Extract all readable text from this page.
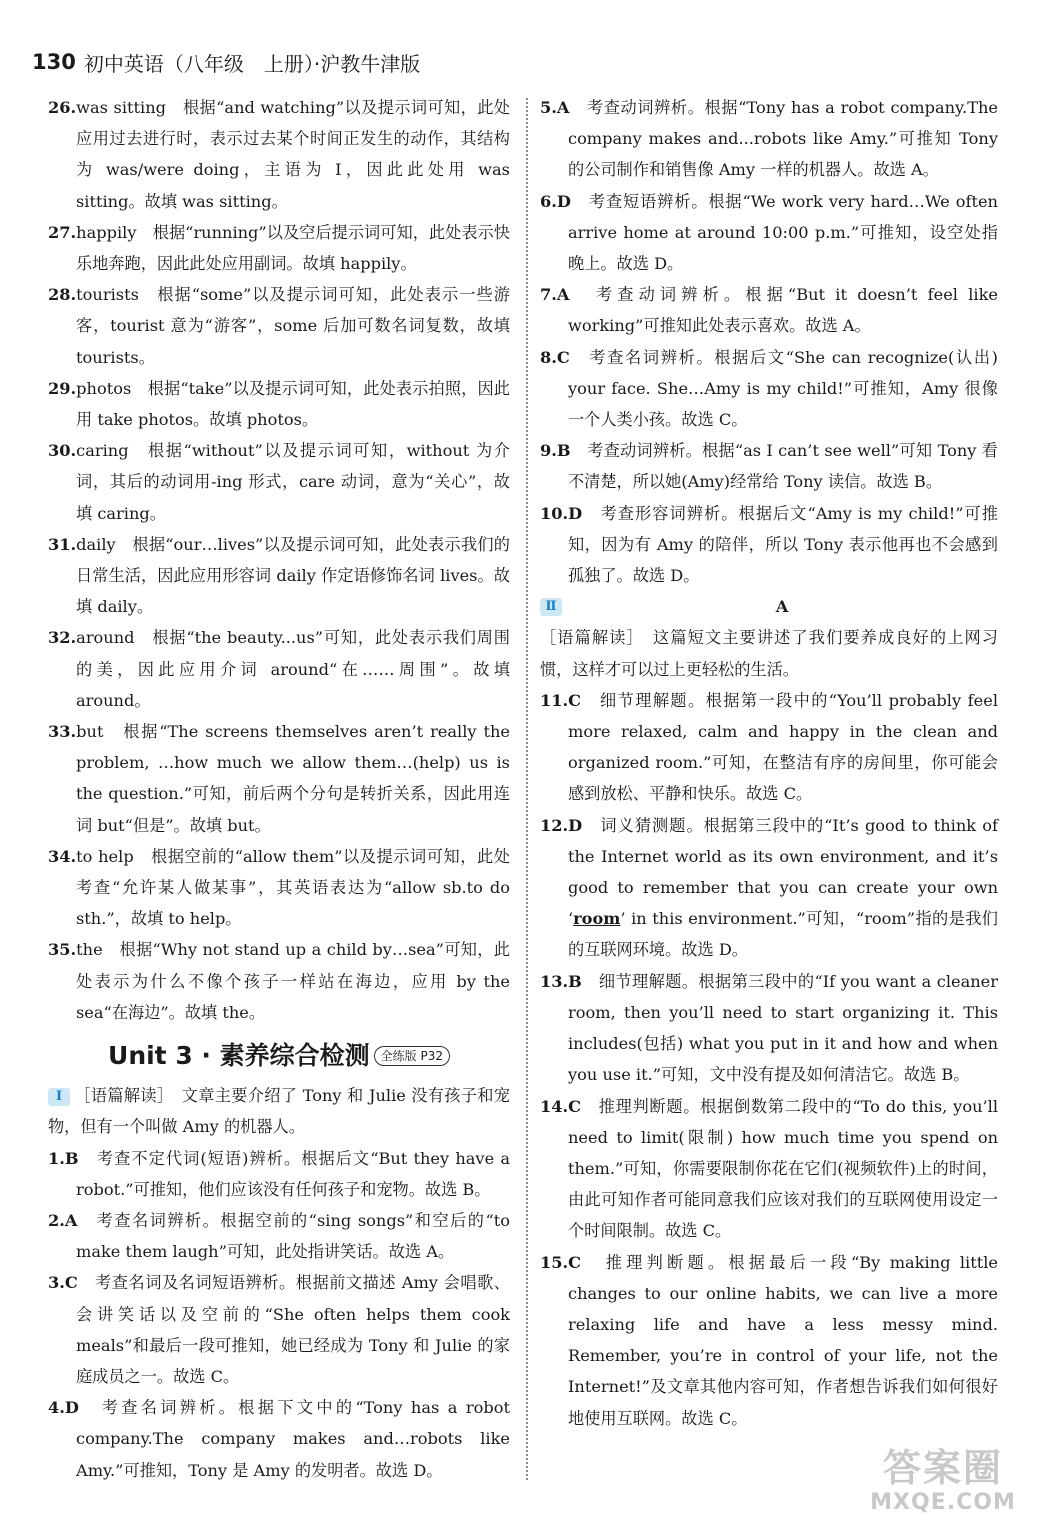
130 初中英语（八年级　上册）·沪教牛津版
26.was sitting　根据“and watching”以及提示词可知，此处应用过去进行时，表示过去某个时间正发生的动作，其结构为 was/were doing，主语为 I，因此此处用 was sitting。故填 was sitting。
27.happily　根据“running”以及空后提示词可知，此处表示快乐地奔跑，因此此处应用副词。故填 happily。
28.tourists　根据“some”以及提示词可知，此处表示一些游客，tourist 意为“游客”，some 后加可数名词复数，故填 tourists。
29.photos　根据“take”以及提示词可知，此处表示拍照，因此用 take photos。故填 photos。
30.caring　根据“without”以及提示词可知，without 为介词，其后的动词用-ing 形式，care 动词，意为“关心”，故填 caring。
31.daily　根据“our…lives”以及提示词可知，此处表示我们的日常生活，因此应用形容词 daily 作定语修饰名词 lives。故填 daily。
32.around　根据“the beauty...us”可知，此处表示我们周围的美，因此应用介词 around“在……周围”。故填 around。
33.but　根据“The screens themselves aren’t really the problem, …how much we allow them…(help) us is the question.”可知，前后两个分句是转折关系，因此用连词 but“但是”。故填 but。
34.to help　根据空前的“allow them”以及提示词可知，此处考查“允许某人做某事”，其英语表达为“allow sb.to do sth.”，故填 to help。
35.the　根据“Why not stand up a child by…sea”可知，此处表示为什么不像个孩子一样站在海边，应用 by the sea“在海边”。故填 the。
Unit 3 · 素养综合检测 全练版 P32
Ⅰ ［语篇解读］　文章主要介绍了 Tony 和 Julie 没有孩子和宠物，但有一个叫做 Amy 的机器人。
1.B　考查不定代词(短语)辨析。根据后文“But they have a robot.”可推知，他们应该没有任何孩子和宠物。故选 B。
2.A　考查名词辨析。根据空前的“sing songs”和空后的“to make them laugh”可知，此处指讲笑话。故选 A。
3.C　考查名词及名词短语辨析。根据前文描述 Amy 会唱歌、会讲笑话以及空前的“She often helps them cook meals”和最后一段可推知，她已经成为 Tony 和 Julie 的家庭成员之一。故选 C。
4.D　考查名词辨析。根据下文中的“Tony has a robot company.The company makes and…robots like Amy.”可推知，Tony 是 Amy 的发明者。故选 D。
5.A　考查动词辨析。根据“Tony has a robot company.The company makes and...robots like Amy.”可推知 Tony 的公司制作和销售像 Amy 一样的机器人。故选 A。
6.D　考查短语辨析。根据“We work very hard…We often arrive home at around 10:00 p.m.”可推知，设空处指晚上。故选 D。
7.A　考查动词辨析。根据“But it doesn’t feel like working”可推知此处表示喜欢。故选 A。
8.C　考查名词辨析。根据后文“She can recognize(认出) your face. She…Amy is my child!”可推知，Amy 很像一个人类小孩。故选 C。
9.B　考查动词辨析。根据“as I can’t see well”可知 Tony 看不清楚，所以她(Amy)经常给 Tony 读信。故选 B。
10.D　考查形容词辨析。根据后文“Amy is my child!”可推知，因为有 Amy 的陪伴，所以 Tony 表示他再也不会感到孤独了。故选 D。
Ⅱ	A
［语篇解读］　这篇短文主要讲述了我们要养成良好的上网习惯，这样才可以过上更轻松的生活。
11.C　细节理解题。根据第一段中的“You’ll probably feel more relaxed, calm and happy in the clean and organized room.”可知，在整洁有序的房间里，你可能会感到放松、平静和快乐。故选 C。
12.D　词义猜测题。根据第三段中的“It’s good to think of the Internet world as its own environment, and it’s good to remember that you can create your own ‘room’ in this environment.”可知，“room”指的是我们的互联网环境。故选 D。
13.B　细节理解题。根据第三段中的“If you want a cleaner room, then you’ll need to start organizing it. This includes(包括) what you put in it and how and when you use it.”可知，文中没有提及如何清洁它。故选 B。
14.C　推理判断题。根据倒数第二段中的“To do this, you’ll need to limit(限制) how much time you spend on them.”可知，你需要限制你花在它们(视频软件)上的时间，由此可知作者可能同意我们应该对我们的互联网使用设定一个时间限制。故选 C。
15.C　推理判断题。根据最后一段“By making little changes to our online habits, we can live a more relaxing life and have a less messy mind. Remember, you’re in control of your life, not the Internet!”及文章其他内容可知，作者想告诉我们如何很好地使用互联网。故选 C。
答案圈
MXQE.COM
